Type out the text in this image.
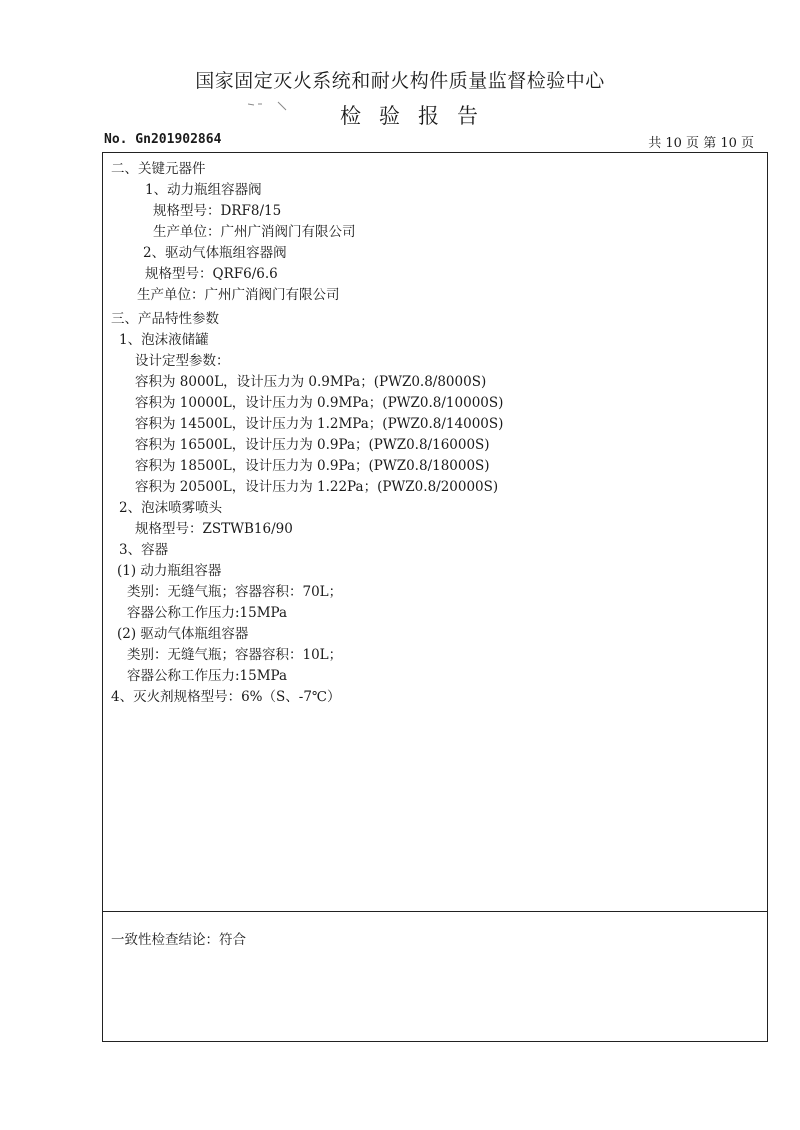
国家固定灭火系统和耐火构件质量监督检验中心
检验报告
No. Gn201902864	共 10 页 第 10 页
二、关键元器件
1、动力瓶组容器阀
规格型号：DRF8/15
生产单位：广州广消阀门有限公司
2、驱动气体瓶组容器阀
规格型号：QRF6/6.6
生产单位：广州广消阀门有限公司
三、产品特性参数
1、泡沫液储罐
设计定型参数：
容积为 8000L，设计压力为 0.9MPa；(PWZ0.8/8000S)
容积为 10000L，设计压力为 0.9MPa；(PWZ0.8/10000S)
容积为 14500L，设计压力为 1.2MPa；(PWZ0.8/14000S)
容积为 16500L，设计压力为 0.9Pa；(PWZ0.8/16000S)
容积为 18500L，设计压力为 0.9Pa；(PWZ0.8/18000S)
容积为 20500L，设计压力为 1.22Pa；(PWZ0.8/20000S)
2、泡沫喷雾喷头
规格型号：ZSTWB16/90
3、容器
(1) 动力瓶组容器
类别：无缝气瓶；容器容积：70L；
容器公称工作压力:15MPa
(2) 驱动气体瓶组容器
类别：无缝气瓶；容器容积：10L；
容器公称工作压力:15MPa
4、灭火剂规格型号：6%（S、-7℃）
一致性检查结论：符合
